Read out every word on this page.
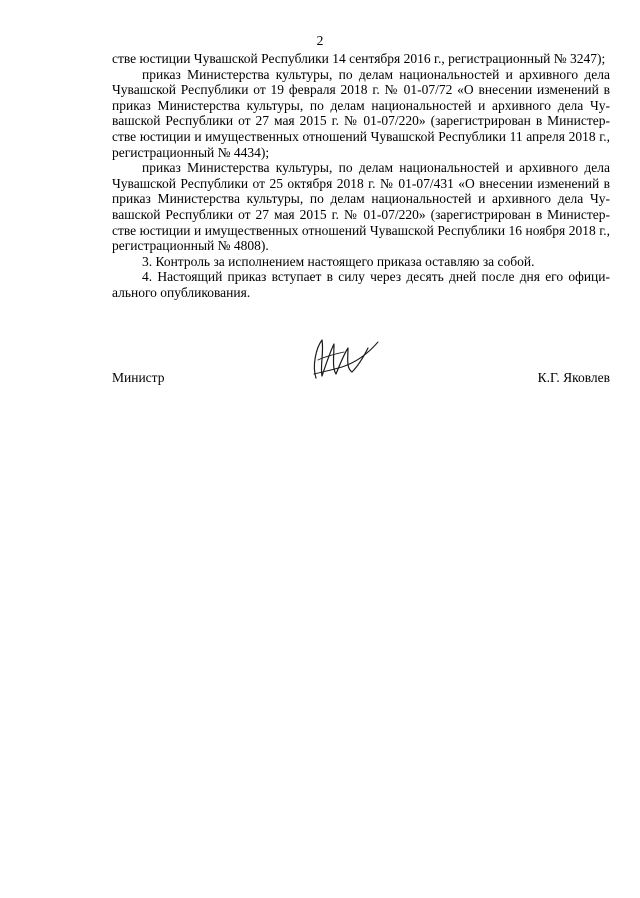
2

стве юстиции Чувашской Республики 14 сентября 2016 г., регистрационный № 3247);

приказ Министерства культуры, по делам национальностей и архивного дела Чувашской Республики от 19 февраля 2018 г. № 01-07/72 «О внесении изменений в приказ Министерства культуры, по делам национальностей и архивного дела Чу-вашской Республики от 27 мая 2015 г. № 01-07/220» (зарегистрирован в Министер-стве юстиции и имущественных отношений Чувашской Республики 11 апреля 2018 г., регистрационный № 4434);

приказ Министерства культуры, по делам национальностей и архивного дела Чувашской Республики от 25 октября 2018 г. № 01-07/431 «О внесении изменений в приказ Министерства культуры, по делам национальностей и архивного дела Чу-вашской Республики от 27 мая 2015 г. № 01-07/220» (зарегистрирован в Министер-стве юстиции и имущественных отношений Чувашской Республики 16 ноября 2018 г., регистрационный № 4808).

3. Контроль за исполнением настоящего приказа оставляю за собой.

4. Настоящий приказ вступает в силу через десять дней после дня его офици-ального опубликования.

Министр	К.Г. Яковлев
